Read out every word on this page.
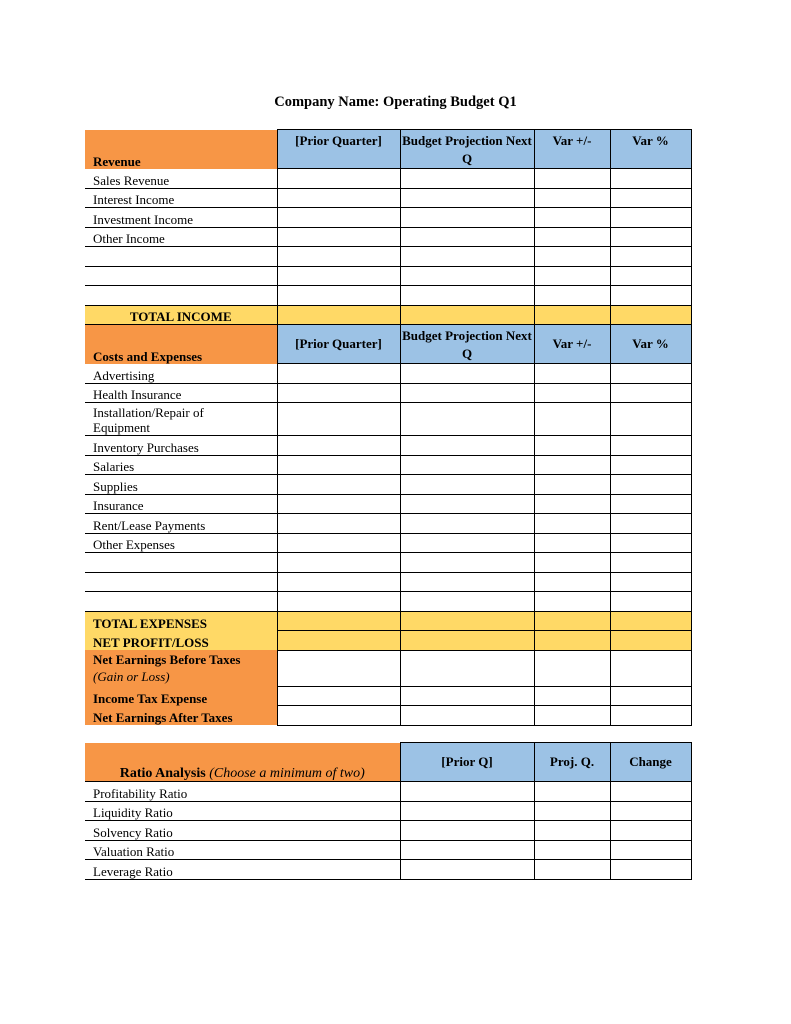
Company Name: Operating Budget Q1
Revenue	[Prior Quarter]	Budget Projection Next Q	Var +/-	Var %
Sales Revenue				
Interest Income				
Investment Income				
Other Income				

TOTAL INCOME				
Costs and Expenses	[Prior Quarter]	Budget Projection Next Q	Var +/-	Var %
Advertising				
Health Insurance				
Installation/Repair of Equipment				
Inventory Purchases				
Salaries				
Supplies				
Insurance				
Rent/Lease Payments				
Other Expenses				

TOTAL EXPENSES				
NET PROFIT/LOSS				
Net Earnings Before Taxes
(Gain or Loss)				
Income Tax Expense				
Net Earnings After Taxes				
Ratio Analysis (Choose a minimum of two)	[Prior Q]	Proj. Q.	Change
Profitability Ratio			
Liquidity Ratio			
Solvency Ratio			
Valuation Ratio			
Leverage Ratio			
